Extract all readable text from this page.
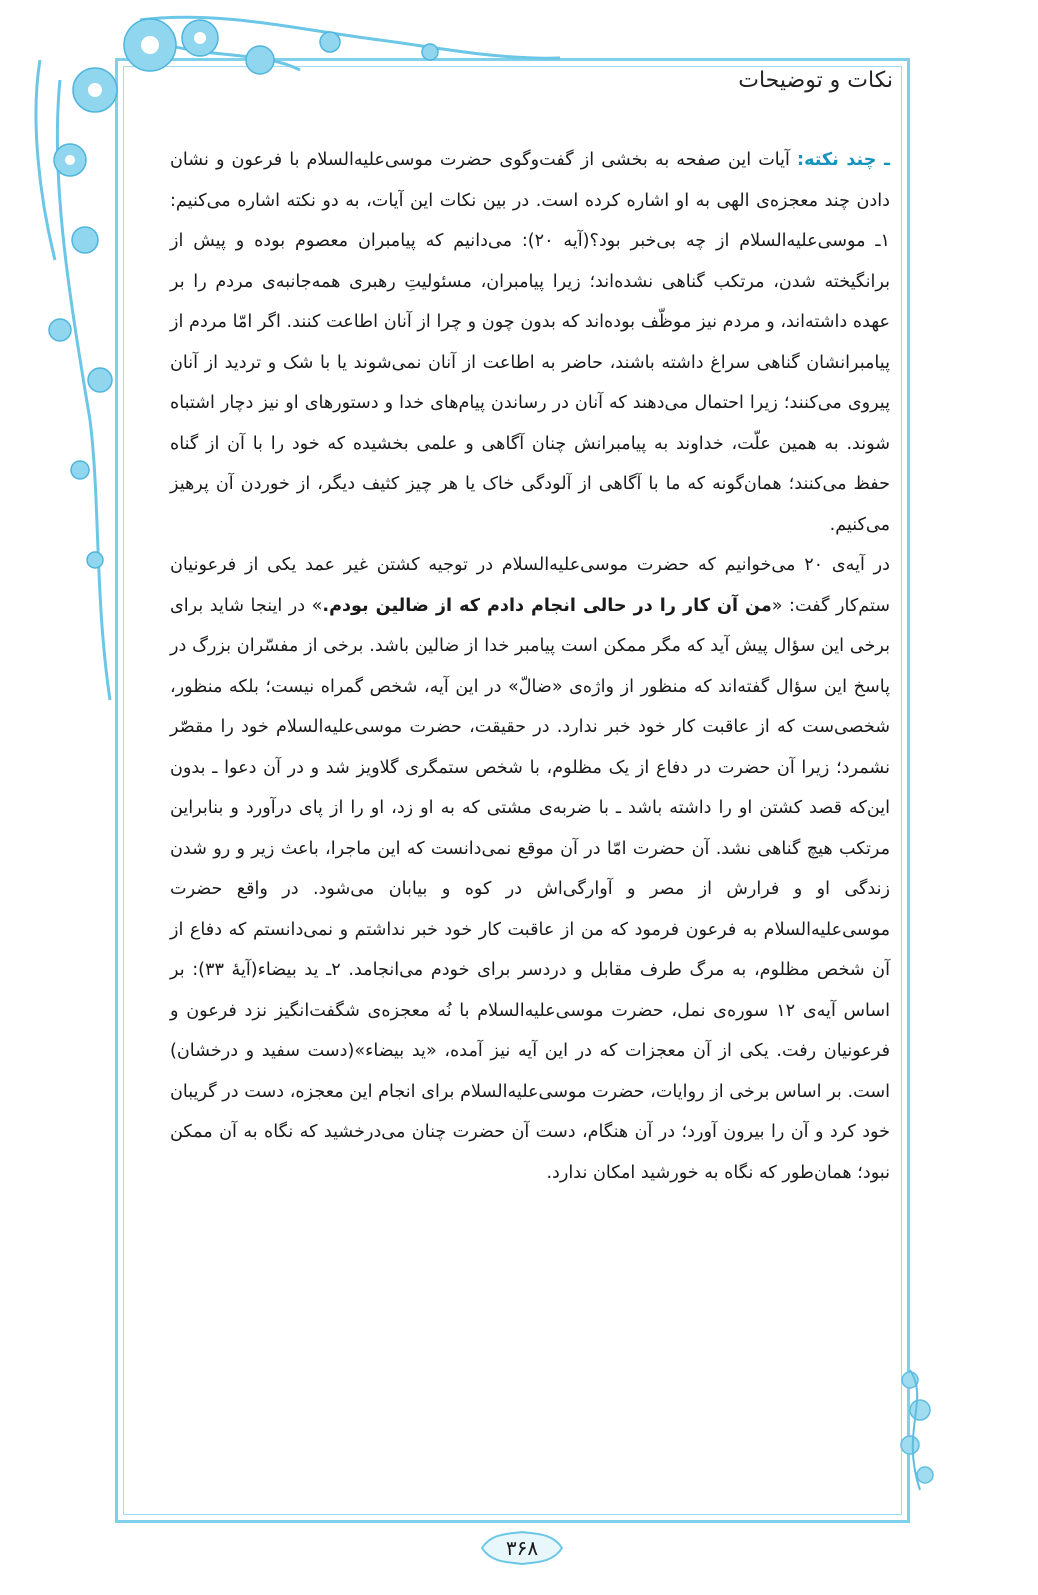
نکات و توضیحات

ـ چند نکته: آیات این صفحه به بخشی از گفت‌وگوی حضرت موسی‌علیه‌السلام با فرعون و نشان دادن چند معجزه‌ی الهی به او اشاره کرده است. در بین نکات این آیات، به دو نکته اشاره می‌کنیم: ۱ـ موسی‌علیه‌السلام از چه بی‌خبر بود؟(آیه ۲۰): می‌دانیم که پیامبران معصوم بوده و پیش از برانگیخته شدن، مرتکب گناهی نشده‌اند؛ زیرا پیامبران، مسئولیتِ رهبری همه‌جانبه‌ی مردم را بر عهده داشته‌اند، و مردم نیز موظّف بوده‌اند که بدون چون و چرا از آنان اطاعت کنند. اگر امّا مردم از پیامبرانشان گناهی سراغ داشته باشند، حاضر به اطاعت از آنان نمی‌شوند یا با شک و تردید از آنان پیروی می‌کنند؛ زیرا احتمال می‌دهند که آنان در رساندن پیام‌های خدا و دستورهای او نیز دچار اشتباه شوند. به همین علّت، خداوند به پیامبرانش چنان آگاهی و علمی بخشیده که خود را با آن از گناه حفظ می‌کنند؛ همان‌گونه که ما با آگاهی از آلودگی خاک یا هر چیز کثیف دیگر، از خوردن آن پرهیز می‌کنیم.

در آیه‌ی ۲۰ می‌خوانیم که حضرت موسی‌علیه‌السلام در توجیه کشتن غیر عمد یکی از فرعونیان ستم‌کار گفت: «من آن کار را در حالی انجام دادم که از ضالین بودم.» در اینجا شاید برای برخی این سؤال پیش آید که مگر ممکن است پیامبر خدا از ضالین باشد. برخی از مفسّران بزرگ در پاسخ این سؤال گفته‌اند که منظور از واژه‌ی «ضالّ» در این آیه، شخص گمراه نیست؛ بلکه منظور، شخصی‌ست که از عاقبت کار خود خبر ندارد. در حقیقت، حضرت موسی‌علیه‌السلام خود را مقصّر نشمرد؛ زیرا آن حضرت در دفاع از یک مظلوم، با شخص ستمگری گلاویز شد و در آن دعوا ـ بدون این‌که قصد کشتن او را داشته باشد ـ با ضربه‌ی مشتی که به او زد، او را از پای درآورد و بنابراین مرتکب هیچ گناهی نشد. آن حضرت امّا در آن موقع نمی‌دانست که این ماجرا، باعث زیر و رو شدن زندگی او و فرارش از مصر و آوارگی‌اش در کوه و بیابان می‌شود. در واقع حضرت موسی‌علیه‌السلام به فرعون فرمود که من از عاقبت کار خود خبر نداشتم و نمی‌دانستم که دفاع از آن شخص مظلوم، به مرگ طرف مقابل و دردسر برای خودم می‌انجامد. ۲ـ ید بیضاء(آیهٔ ۳۳): بر اساس آیه‌ی ۱۲ سوره‌ی نمل، حضرت موسی‌علیه‌السلام با نُه معجزه‌ی شگفت‌انگیز نزد فرعون و فرعونیان رفت. یکی از آن معجزات که در این آیه نیز آمده، «ید بیضاء»(دست سفید و درخشان) است. بر اساس برخی از روایات، حضرت موسی‌علیه‌السلام برای انجام این معجزه، دست در گریبان خود کرد و آن را بیرون آورد؛ در آن هنگام، دست آن حضرت چنان می‌درخشید که نگاه به آن ممکن نبود؛ همان‌طور که نگاه به خورشید امکان ندارد.

۳۶۸
